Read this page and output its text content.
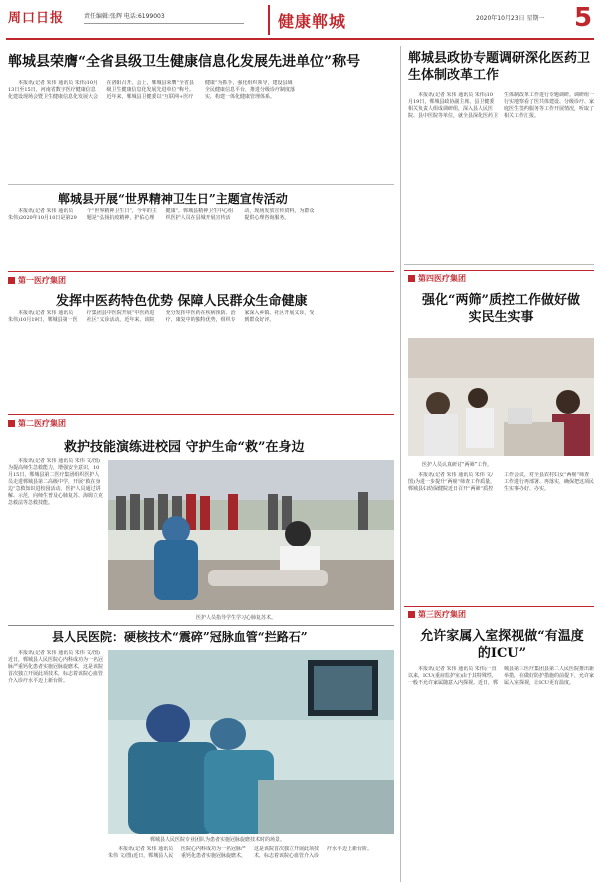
周口日报	责任编辑:张辉 电话:6199003	健康郸城	2020年10月23日 星期一 5
郸城县荣膺“全省县级卫生健康信息化发展先进单位”称号

本报讯(记者 朱伟 通讯员 朱伟)10月13日至15日，河南省数字医疗健康信息化建设现场会暨卫生健康信息化发展大会在洛阳召开。会上，郸城县荣膺“全省县级卫生健康信息化发展先进单位”称号。近年来，郸城县卫健委以“互联网+医疗健康”为抓手，强化组织领导，建设县域全民健康信息平台，推进分级诊疗制度落实，构建一体化健康管理体系。

郸城县开展“世界精神卫生日”主题宣传活动

本报讯(记者 朱伟 通讯员 朱伟)2020年10月10日是第29个“世界精神卫生日”，今年的主题是“弘扬抗疫精神，护佑心理健康”。郸城县精神卫生中心组织医护人员在县城开展宣传活动，现场发放宣传资料，为群众提供心理咨询服务。

郸城县政协专题调研深化医药卫生体制改革工作

本报讯(记者 朱伟 通讯员 朱伟)10月19日，郸城县政协副主席、县卫健委相关负责人组成调研组，深入县人民医院、县中医院等单位，就全县深化医药卫生体制改革工作进行专题调研。调研组一行实地察看了医共体建设、分级诊疗、家庭医生签约服务等工作开展情况，听取了相关工作汇报。

第一医疗集团
发挥中医药特色优势 保障人民群众生命健康

本报讯(记者 朱伟 通讯员 朱伟)10月19日，郸城县第一医疗集团县中医院开展“中医药进社区”义诊活动。近年来，该院充分发挥中医药在疾病预防、治疗、康复中的独特优势，组织专家深入乡镇、社区开展义诊，受到群众好评。

第二医疗集团
救护技能演练进校园 守护生命“救”在身边

本报讯(记者 朱伟 通讯员 朱伟 文/图)为提高师生急救能力，增强安全意识，10月15日，郸城县第二医疗集团组织医护人员走进郸城县第二高级中学，开展“救在身边”急救知识进校园活动。医护人员通过讲解、示范，向师生普及心肺复苏、海姆立克急救法等急救技能。

医护人员指导学生学习心肺复苏术。
县人民医院：硬核技术“震碎”冠脉血管“拦路石”

本报讯(记者 朱伟 通讯员 朱伟 文/图)近日，郸城县人民医院心内科成功为一名冠脉严重钙化患者实施冠脉旋磨术，这是该院首次独立开展此项技术，标志着该院心血管介入诊疗水平迈上新台阶。

郸城县人民医院专业团队为患者实施冠脉旋磨技术时的场景。

本报讯(记者 朱伟 通讯员 朱伟 文/图)近日，郸城县人民医院心内科成功为一名冠脉严重钙化患者实施冠脉旋磨术，这是该院首次独立开展此项技术，标志着该院心血管介入诊疗水平迈上新台阶。

第四医疗集团
强化“两筛”质控工作做好做实民生实事
医护人员认真研讨“两筛”工作。

本报讯(记者 朱伟 通讯员 朱伟 文/图)为进一步提升“两癌”筛查工作质量，郸城县妇幼保健院近日召开“两筛”质控工作会议，对全县农村妇女“两癌”筛查工作进行再部署、再落实，确保把这项民生实事办好、办实。

第三医疗集团
允许家属入室探视做“有温度的ICU”

本报讯(记者 朱伟 通讯员 朱伟)一直以来，ICU(重症监护室)由于其特殊性，一般不允许家属随意入内探视。近日，郸城县第三医疗集团县第二人民医院推出新举措，在做好防护措施的前提下，允许家属入室探视，让ICU更有温度。
